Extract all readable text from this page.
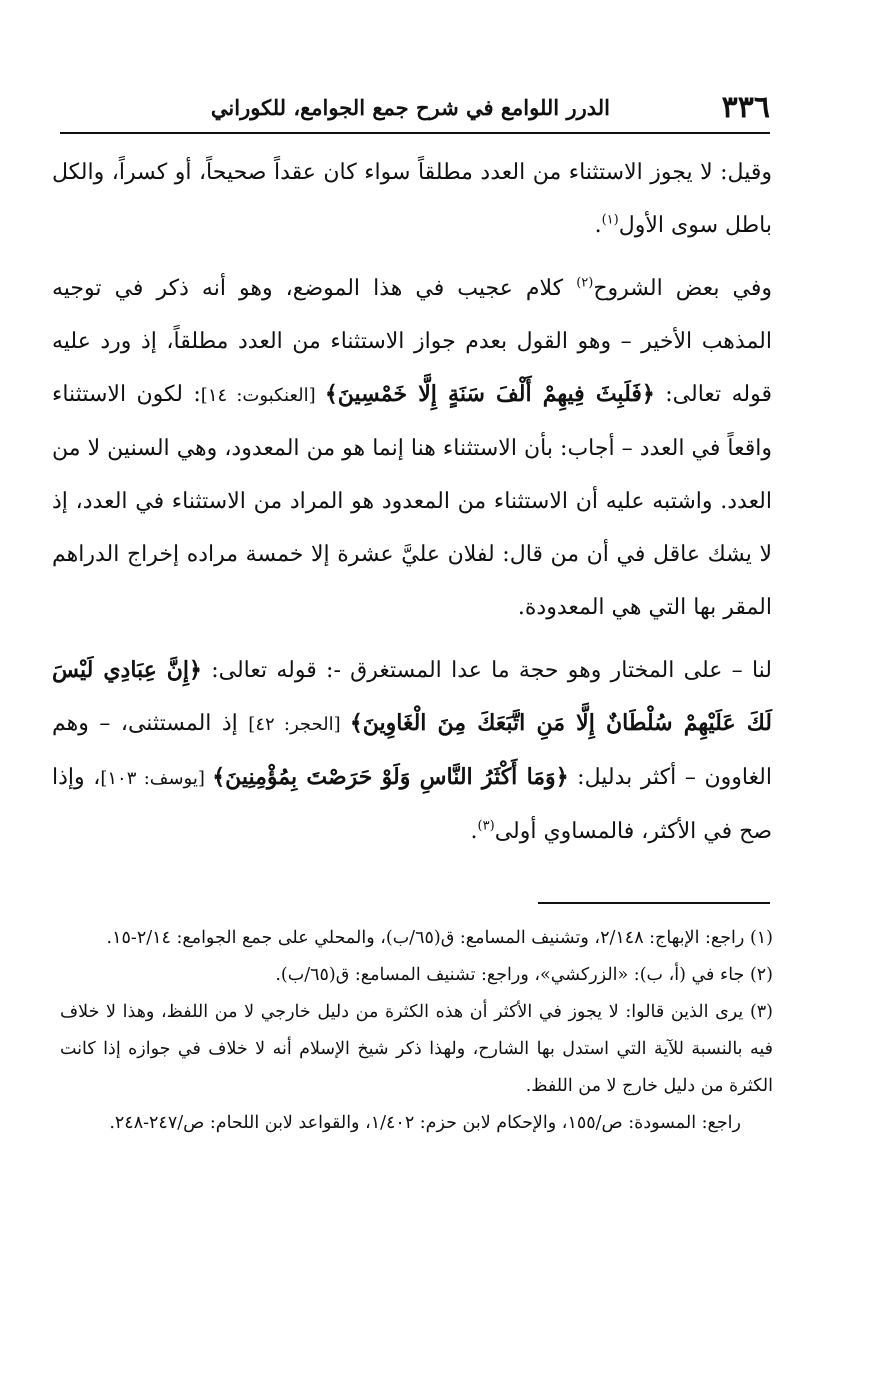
٣٣٦
الدرر اللوامع في شرح جمع الجوامع، للكوراني

وقيل: لا يجوز الاستثناء من العدد مطلقاً سواء كان عقداً صحيحاً، أو كسراً، والكل باطل سوى الأول$^{(١)}$.

وفي بعض الشروح$^{(٢)}$ كلام عجيب في هذا الموضع، وهو أنه ذكر في توجيه المذهب الأخير – وهو القول بعدم جواز الاستثناء من العدد مطلقاً، إذ ورد عليه قوله تعالى: ﴿فَلَبِثَ فِيهِمْ أَلْفَ سَنَةٍ إِلَّا خَمْسِينَ﴾ [العنكبوت: ١٤]: لكون الاستثناء واقعاً في العدد – أجاب: بأن الاستثناء هنا إنما هو من المعدود، وهي السنين لا من العدد. واشتبه عليه أن الاستثناء من المعدود هو المراد من الاستثناء في العدد، إذ لا يشك عاقل في أن من قال: لفلان عليَّ عشرة إلا خمسة مراده إخراج الدراهم المقر بها التي هي المعدودة.

لنا – على المختار وهو حجة ما عدا المستغرق -: قوله تعالى: ﴿إِنَّ عِبَادِي لَيْسَ لَكَ عَلَيْهِمْ سُلْطَانٌ إِلَّا مَنِ اتَّبَعَكَ مِنَ الْغَاوِينَ﴾ [الحجر: ٤٢] إذ المستثنى، – وهم الغاوون – أكثر بدليل: ﴿وَمَا أَكْثَرُ النَّاسِ وَلَوْ حَرَصْتَ بِمُؤْمِنِينَ﴾ [يوسف: ١٠٣]، وإذا صح في الأكثر، فالمساوي أولى$^{(٣)}$.

(١) راجع: الإبهاج: ٢/١٤٨، وتشنيف المسامع: ق(٦٥/ب)، والمحلي على جمع الجوامع: ٢/١٤-١٥.

(٢) جاء في (أ، ب): «الزركشي»، وراجع: تشنيف المسامع: ق(٦٥/ب).

(٣) يرى الذين قالوا: لا يجوز في الأكثر أن هذه الكثرة من دليل خارجي لا من اللفظ، وهذا لا خلاف فيه بالنسبة للآية التي استدل بها الشارح، ولهذا ذكر شيخ الإسلام أنه لا خلاف في جوازه إذا كانت الكثرة من دليل خارج لا من اللفظ.

راجع: المسودة: ص/١٥٥، والإحكام لابن حزم: ١/٤٠٢، والقواعد لابن اللحام: ص/٢٤٧-٢٤٨.
